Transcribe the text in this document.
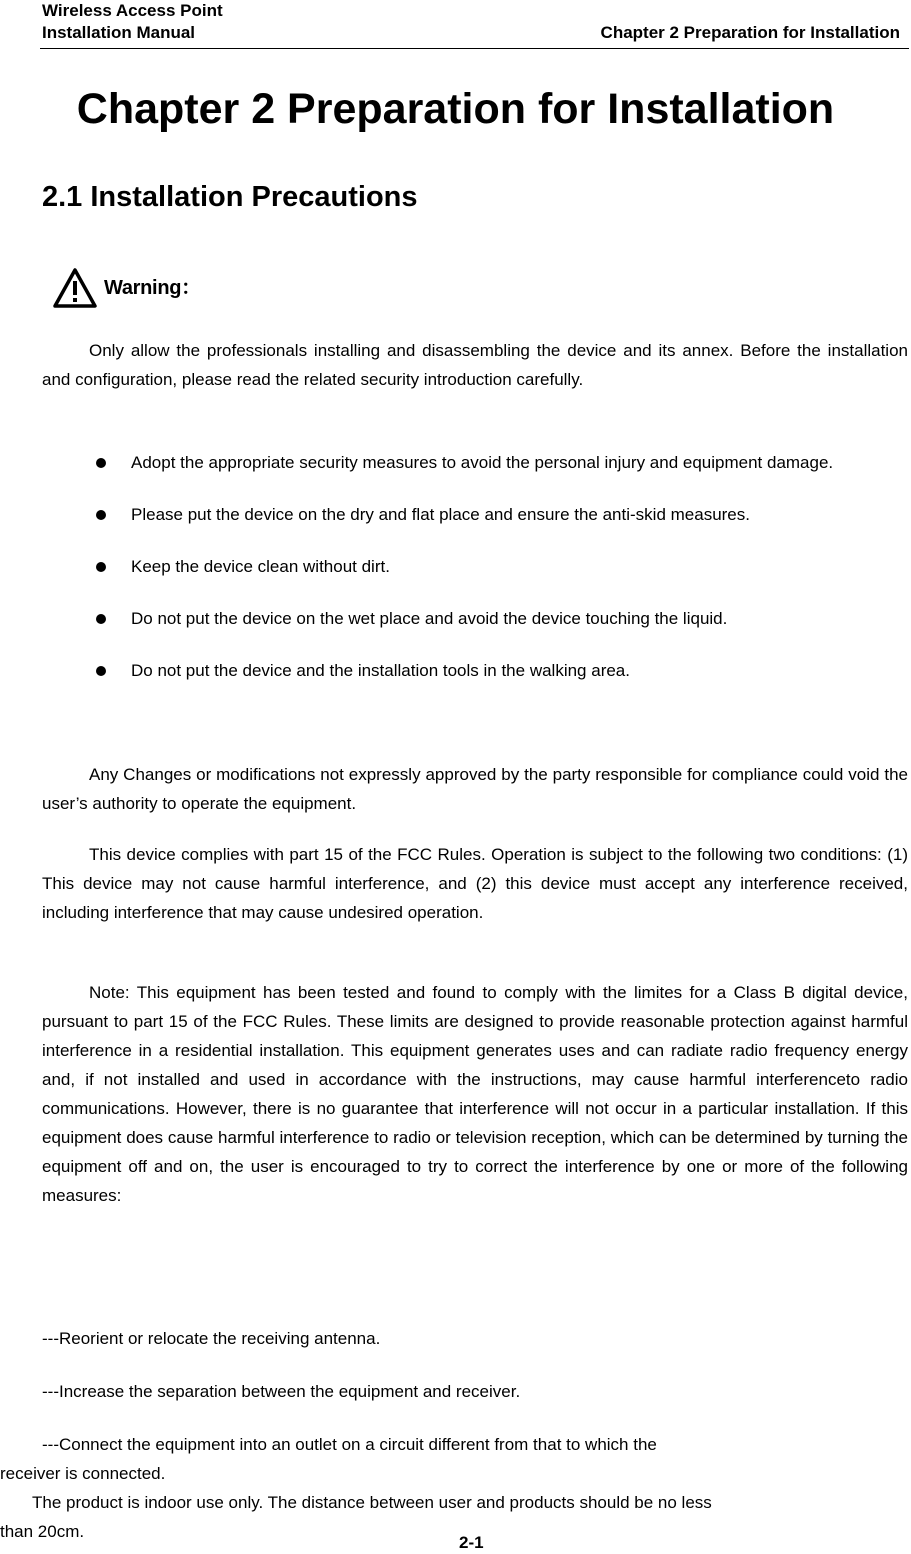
Wireless Access Point
Installation Manual	Chapter 2 Preparation for Installation
Chapter 2 Preparation for Installation
2.1 Installation Precautions
Warning：

Only allow the professionals installing and disassembling the device and its annex. Before the installation and configuration, please read the related security introduction carefully.

Adopt the appropriate security measures to avoid the personal injury and equipment damage.
Please put the device on the dry and flat place and ensure the anti-skid measures.
Keep the device clean without dirt.
Do not put the device on the wet place and avoid the device touching the liquid.
Do not put the device and the installation tools in the walking area.

Any Changes or modifications not expressly approved by the party responsible for compliance could void the user’s authority to operate the equipment.

This device complies with part 15 of the FCC Rules. Operation is subject to the following two conditions: (1) This device may not cause harmful interference, and (2) this device must accept any interference received, including interference that may cause undesired operation.

Note: This equipment has been tested and found to comply with the limites for a Class B digital device, pursuant to part 15 of the FCC Rules. These limits are designed to provide reasonable protection against harmful interference in a residential installation. This equipment generates uses and can radiate radio frequency energy and, if not installed and used in accordance with the instructions, may cause harmful interferenceto radio communications. However, there is no guarantee that interference will not occur in a particular installation. If this equipment does cause harmful interference to radio or television reception, which can be determined by turning the equipment off and on, the user is encouraged to try to correct the interference by one or more of the following measures:

---Reorient or relocate the receiving antenna.
---Increase the separation between the equipment and receiver.
---Connect the equipment into an outlet on a circuit different from that to which the
receiver is connected.
The product is indoor use only. The distance between user and products should be no less
than 20cm.
2-1
